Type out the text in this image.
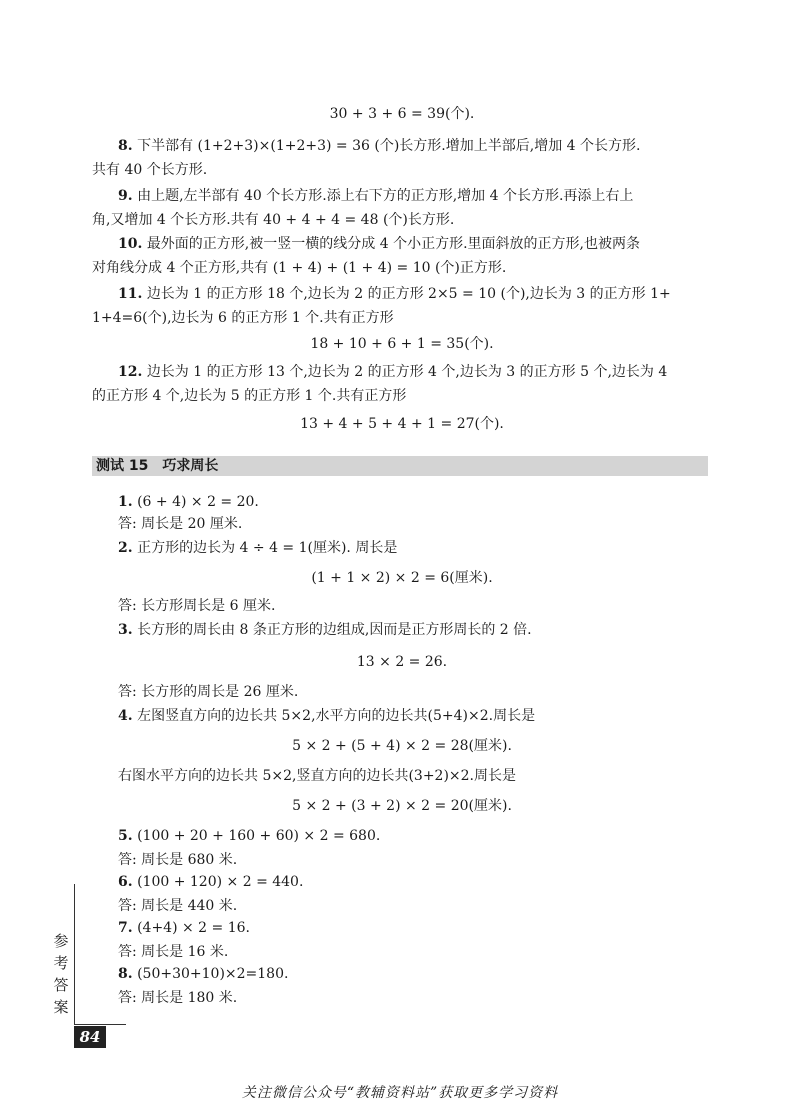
30 + 3 + 6 = 39(个).
8. 下半部有 (1+2+3)×(1+2+3) = 36 (个)长方形.增加上半部后,增加 4 个长方形.
共有 40 个长方形.
9. 由上题,左半部有 40 个长方形.添上右下方的正方形,增加 4 个长方形.再添上右上
角,又增加 4 个长方形.共有 40 + 4 + 4 = 48 (个)长方形.
10. 最外面的正方形,被一竖一横的线分成 4 个小正方形.里面斜放的正方形,也被两条
对角线分成 4 个正方形,共有 (1 + 4) + (1 + 4) = 10 (个)正方形.
11. 边长为 1 的正方形 18 个,边长为 2 的正方形 2×5 = 10 (个),边长为 3 的正方形 1+
1+4=6(个),边长为 6 的正方形 1 个.共有正方形
18 + 10 + 6 + 1 = 35(个).
12. 边长为 1 的正方形 13 个,边长为 2 的正方形 4 个,边长为 3 的正方形 5 个,边长为 4
的正方形 4 个,边长为 5 的正方形 1 个.共有正方形
13 + 4 + 5 + 4 + 1 = 27(个).
测试 15　巧求周长
1. (6 + 4) × 2 = 20.
答: 周长是 20 厘米.
2. 正方形的边长为 4 ÷ 4 = 1(厘米). 周长是
(1 + 1 × 2) × 2 = 6(厘米).
答: 长方形周长是 6 厘米.
3. 长方形的周长由 8 条正方形的边组成,因而是正方形周长的 2 倍.
13 × 2 = 26.
答: 长方形的周长是 26 厘米.
4. 左图竖直方向的边长共 5×2,水平方向的边长共(5+4)×2.周长是
5 × 2 + (5 + 4) × 2 = 28(厘米).
右图水平方向的边长共 5×2,竖直方向的边长共(3+2)×2.周长是
5 × 2 + (3 + 2) × 2 = 20(厘米).
5. (100 + 20 + 160 + 60) × 2 = 680.
答: 周长是 680 米.
6. (100 + 120) × 2 = 440.
答: 周长是 440 米.
7. (4+4) × 2 = 16.
答: 周长是 16 米.
8. (50+30+10)×2=180.
答: 周长是 180 米.
参考答案
84
关注微信公众号“教辅资料站”获取更多学习资料
